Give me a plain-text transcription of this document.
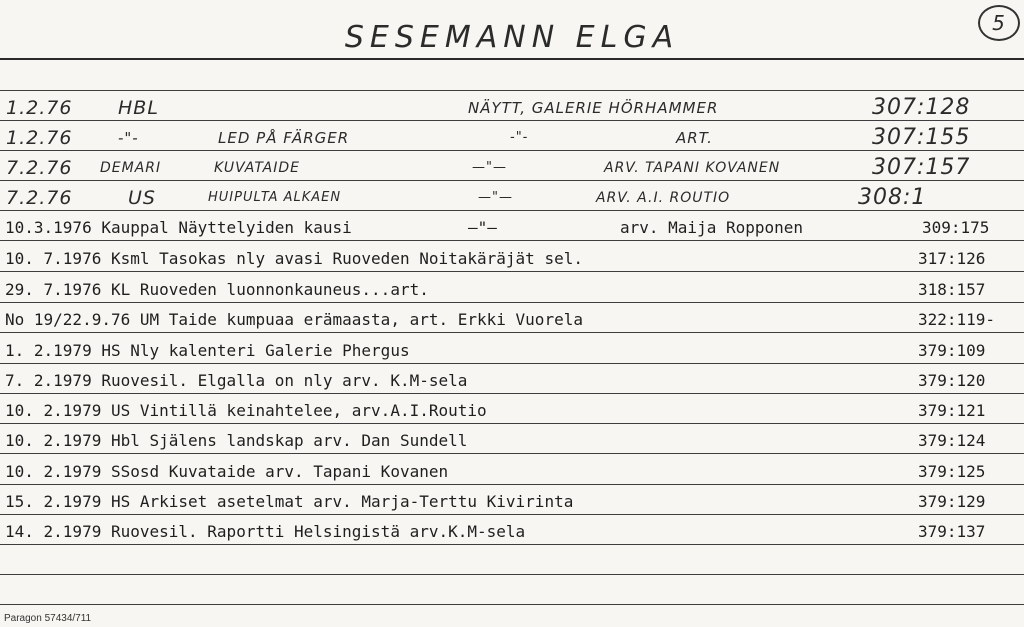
SESEMANN ELGA	5
1.2.76 HBL	NÄYTT, GALERIE HÖRHAMMER	307:128
1.2.76	-"-	LED PÅ FÄRGER	-"-	ART.	307:155
7.2.76 DEMARI	KUVATAIDE	—"—	ARV. TAPANI KOVANEN	307:157
7.2.76	US	HUIPULTA ALKAEN	—"—	ARV. A.I. ROUTIO	308:1
10.3.1976 Kauppal Näyttelyiden kausi	—"—	arv. Maija Ropponen	309:175
10. 7.1976 Ksml Tasokas nly avasi Ruoveden Noitakäräjät sel.	317:126
29. 7.1976 KL Ruoveden luonnonkauneus...art.	318:157
No 19/22.9.76 UM Taide kumpuaa erämaasta, art. Erkki Vuorela	322:119-
1. 2.1979 HS Nly kalenteri Galerie Phergus	379:109
7. 2.1979 Ruovesil. Elgalla on nly arv. K.M-sela	379:120
10. 2.1979 US Vintillä keinahtelee, arv.A.I.Routio	379:121
10. 2.1979 Hbl Själens landskap arv. Dan Sundell	379:124
10. 2.1979 SSosd Kuvataide arv. Tapani Kovanen	379:125
15. 2.1979 HS Arkiset asetelmat arv. Marja-Terttu Kivirinta	379:129
14. 2.1979 Ruovesil. Raportti Helsingistä arv.K.M-sela	379:137
Paragon 57434/711
